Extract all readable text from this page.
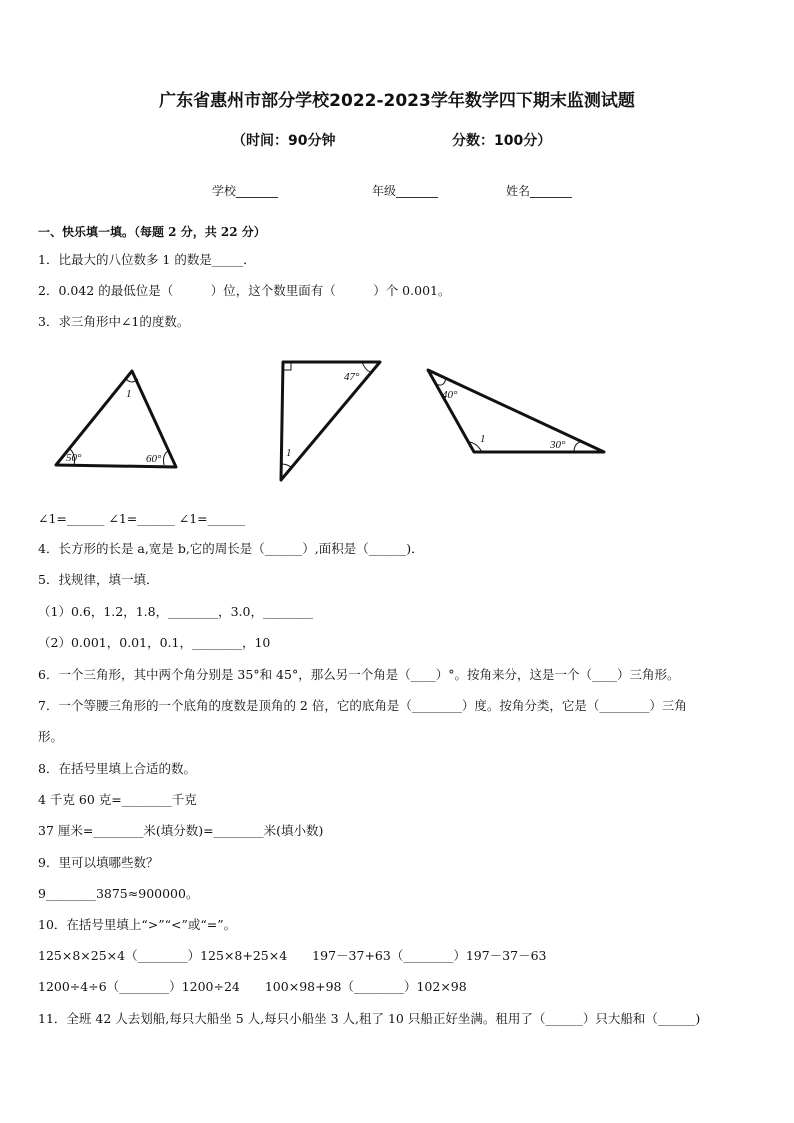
广东省惠州市部分学校2022-2023学年数学四下期末监测试题
（时间：90分钟	分数：100分）
学校_______	年级_______	姓名_______
一、快乐填一填。（每题 2 分，共 22 分）
1．比最大的八位数多 1 的数是_____．
2．0.042 的最低位是（　　　）位，这个数里面有（　　　）个 0.001。
3．求三角形中∠1的度数。
1
50°	60°
47°
1
40°
1	30°
∠1=______ ∠1=______ ∠1=______
4．长方形的长是 a,宽是 b,它的周长是（______）,面积是（______)．
5．找规律，填一填．
（1）0.6，1.2，1.8，________，3.0，________
（2）0.001，0.01，0.1，________，10
6．一个三角形，其中两个角分别是 35°和 45°，那么另一个角是（____）°。按角来分，这是一个（____）三角形。
7．一个等腰三角形的一个底角的度数是顶角的 2 倍，它的底角是（________）度。按角分类，它是（________）三角
形。
8．在括号里填上合适的数。
4 千克 60 克=________千克
37 厘米=________米(填分数)=________米(填小数)
9．里可以填哪些数？
9________3875≈900000。
10．在括号里填上“>”“<”或“=”。
125×8×25×4（________）125×8+25×4　　197－37+63（________）197－37－63
1200÷4÷6（________）1200÷24　　100×98+98（________）102×98
11．全班 42 人去划船,每只大船坐 5 人,每只小船坐 3 人,租了 10 只船正好坐满。租用了（______）只大船和（______)
